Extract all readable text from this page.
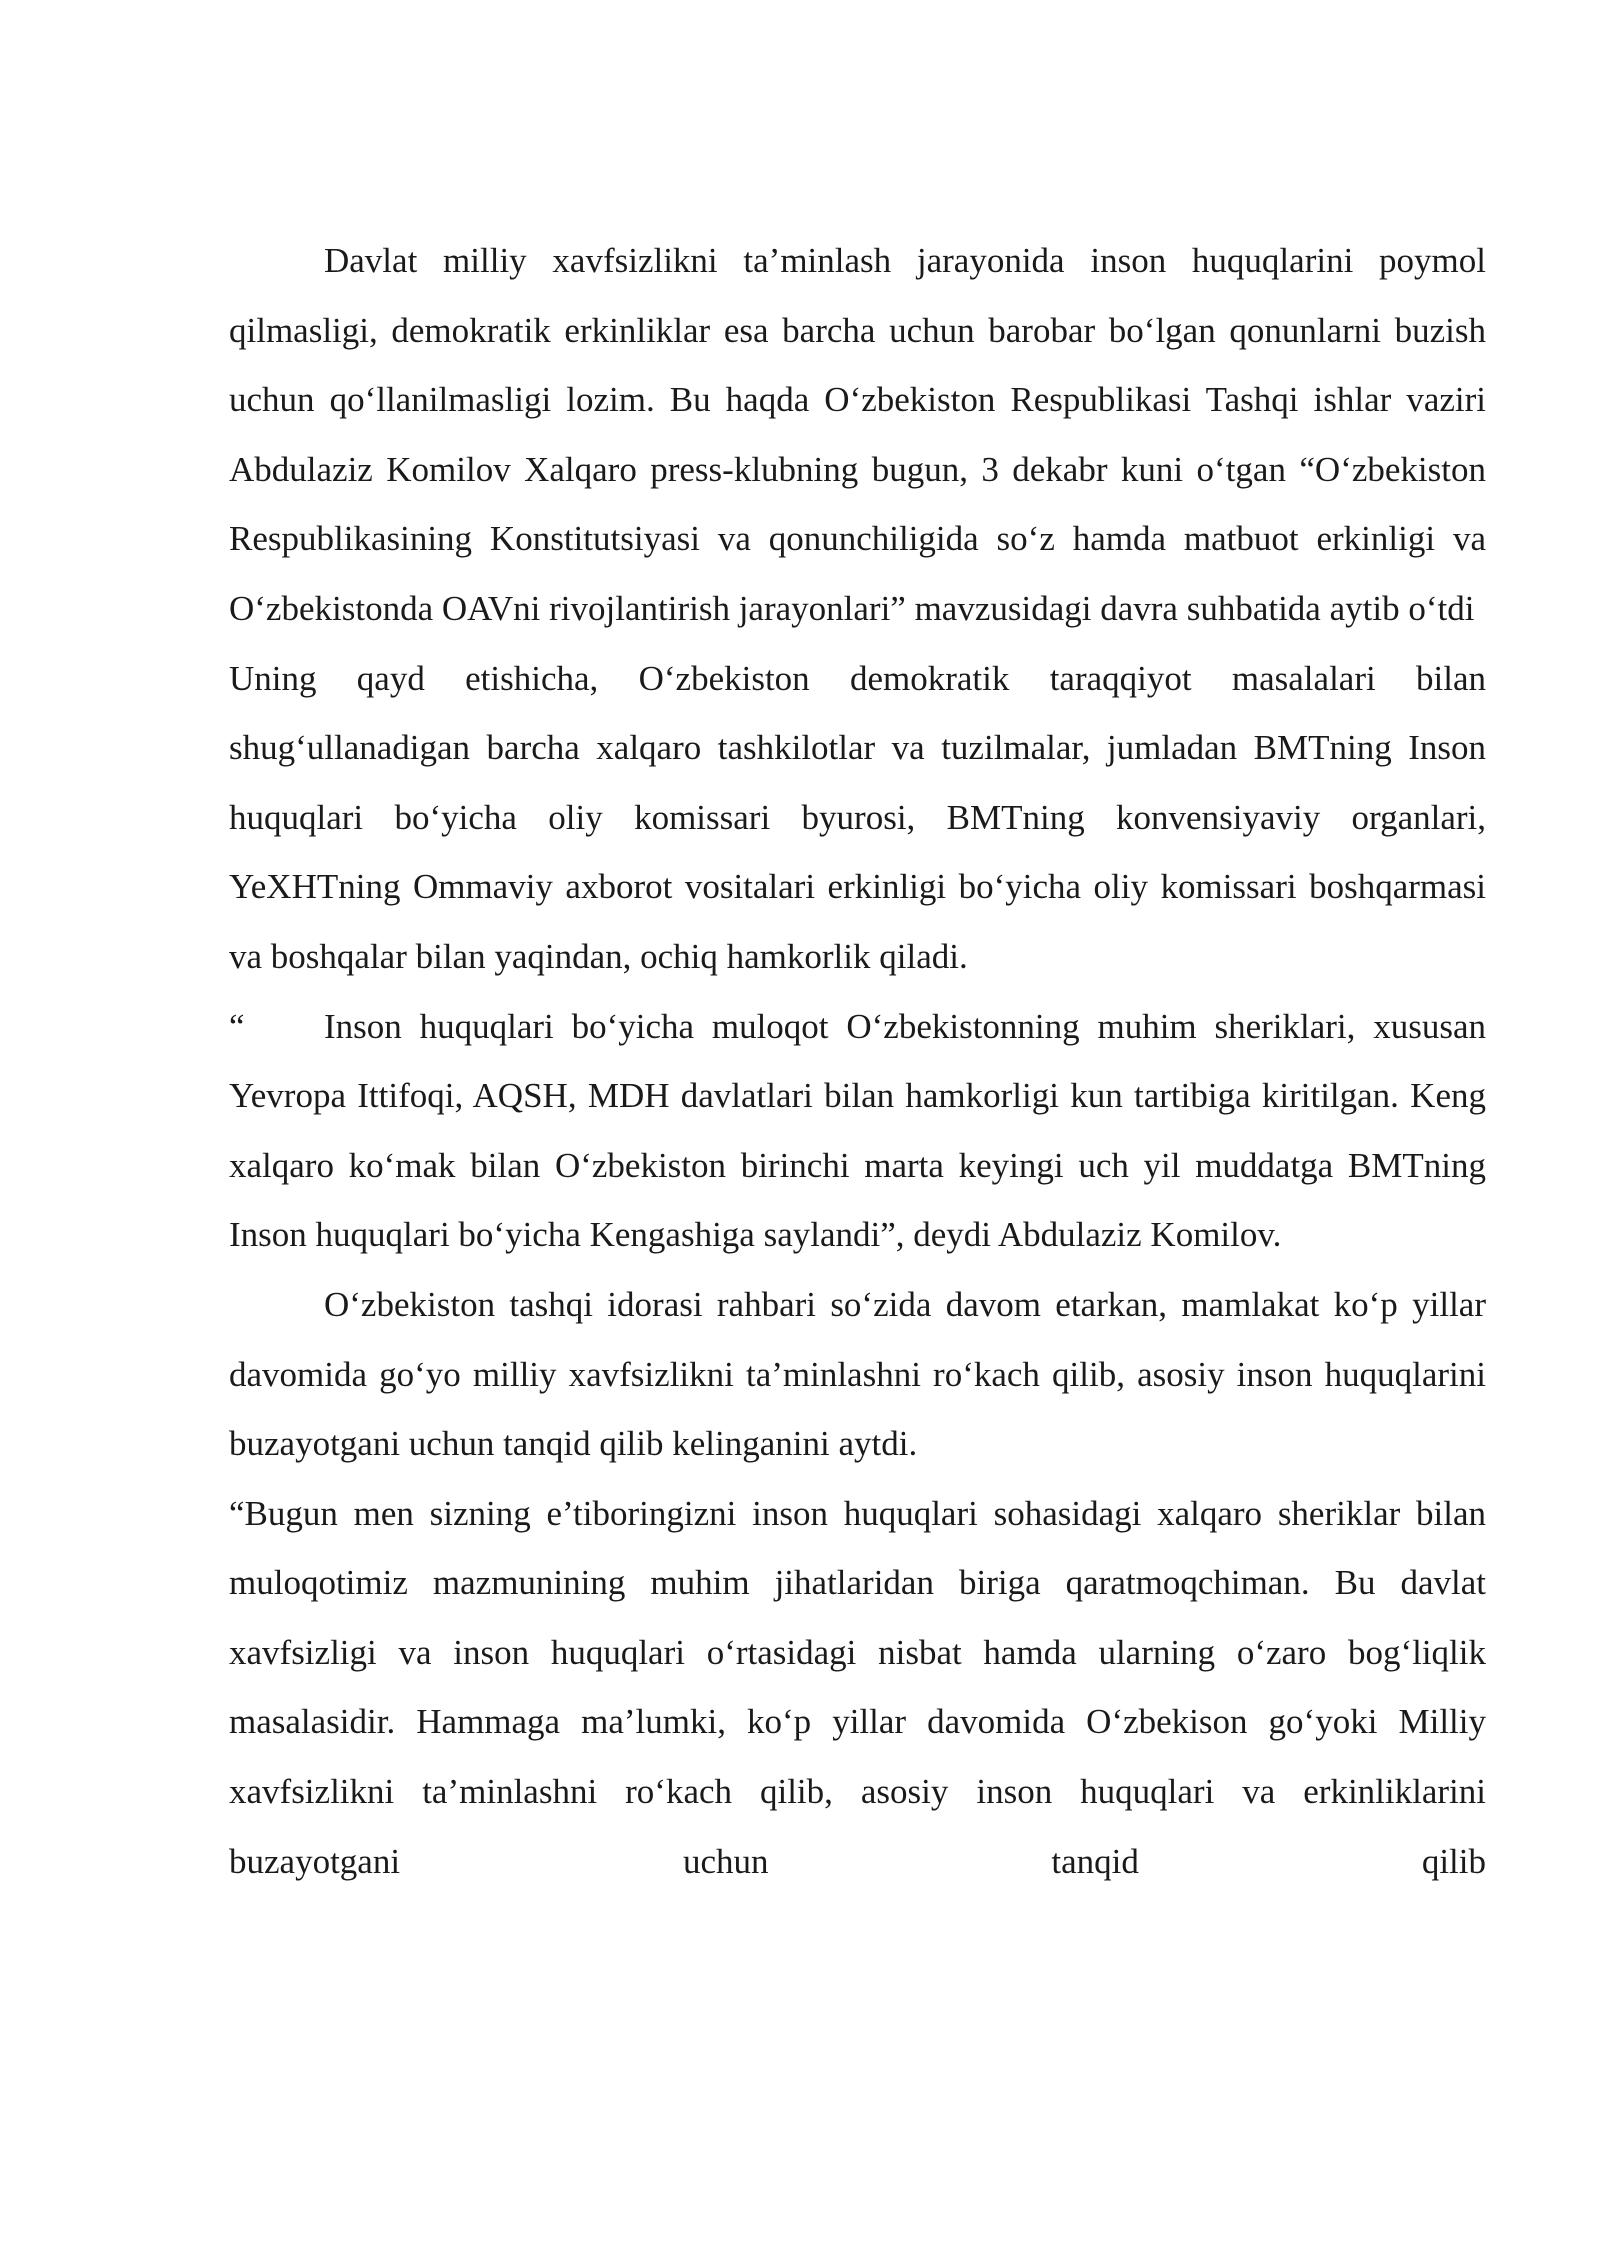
Davlat milliy xavfsizlikni ta’minlash jarayonida inson huquqlarini poymol qilmasligi, demokratik erkinliklar esa barcha uchun barobar bo‘lgan qonunlarni buzish uchun qo‘llanilmasligi lozim. Bu haqda O‘zbekiston Respublikasi Tashqi ishlar vaziri Abdulaziz Komilov Xalqaro press-klubning bugun, 3 dekabr kuni o‘tgan “O‘zbekiston Respublikasining Konstitutsiyasi va qonunchiligida so‘z hamda matbuot erkinligi va O‘zbekistonda OAVni rivojlantirish jarayonlari” mavzusidagi davra suhbatida aytib o‘tdi

Uning qayd etishicha, O‘zbekiston demokratik taraqqiyot masalalari bilan shug‘ullanadigan barcha xalqaro tashkilotlar va tuzilmalar, jumladan BMTning Inson huquqlari bo‘yicha oliy komissari byurosi, BMTning konvensiyaviy organlari, YeXHTning Ommaviy axborot vositalari erkinligi bo‘yicha oliy komissari boshqarmasi va boshqalar bilan yaqindan, ochiq hamkorlik qiladi.

“ Inson huquqlari bo‘yicha muloqot O‘zbekistonning muhim sheriklari, xususan Yevropa Ittifoqi, AQSH, MDH davlatlari bilan hamkorligi kun tartibiga kiritilgan. Keng xalqaro ko‘mak bilan O‘zbekiston birinchi marta keyingi uch yil muddatga BMTning Inson huquqlari bo‘yicha Kengashiga saylandi”, deydi Abdulaziz Komilov.

O‘zbekiston tashqi idorasi rahbari so‘zida davom etarkan, mamlakat ko‘p yillar davomida go‘yo milliy xavfsizlikni ta’minlashni ro‘kach qilib, asosiy inson huquqlarini buzayotgani uchun tanqid qilib kelinganini aytdi.

“Bugun men sizning e’tiboringizni inson huquqlari sohasidagi xalqaro sheriklar bilan muloqotimiz mazmunining muhim jihatlaridan biriga qaratmoqchiman. Bu davlat xavfsizligi va inson huquqlari o‘rtasidagi nisbat hamda ularning o‘zaro bog‘liqlik masalasidir. Hammaga ma’lumki, ko‘p yillar davomida O‘zbekison go‘yoki Milliy xavfsizlikni ta’minlashni ro‘kach qilib, asosiy inson huquqlari va erkinliklarini buzayotgani uchun tanqid qilib
